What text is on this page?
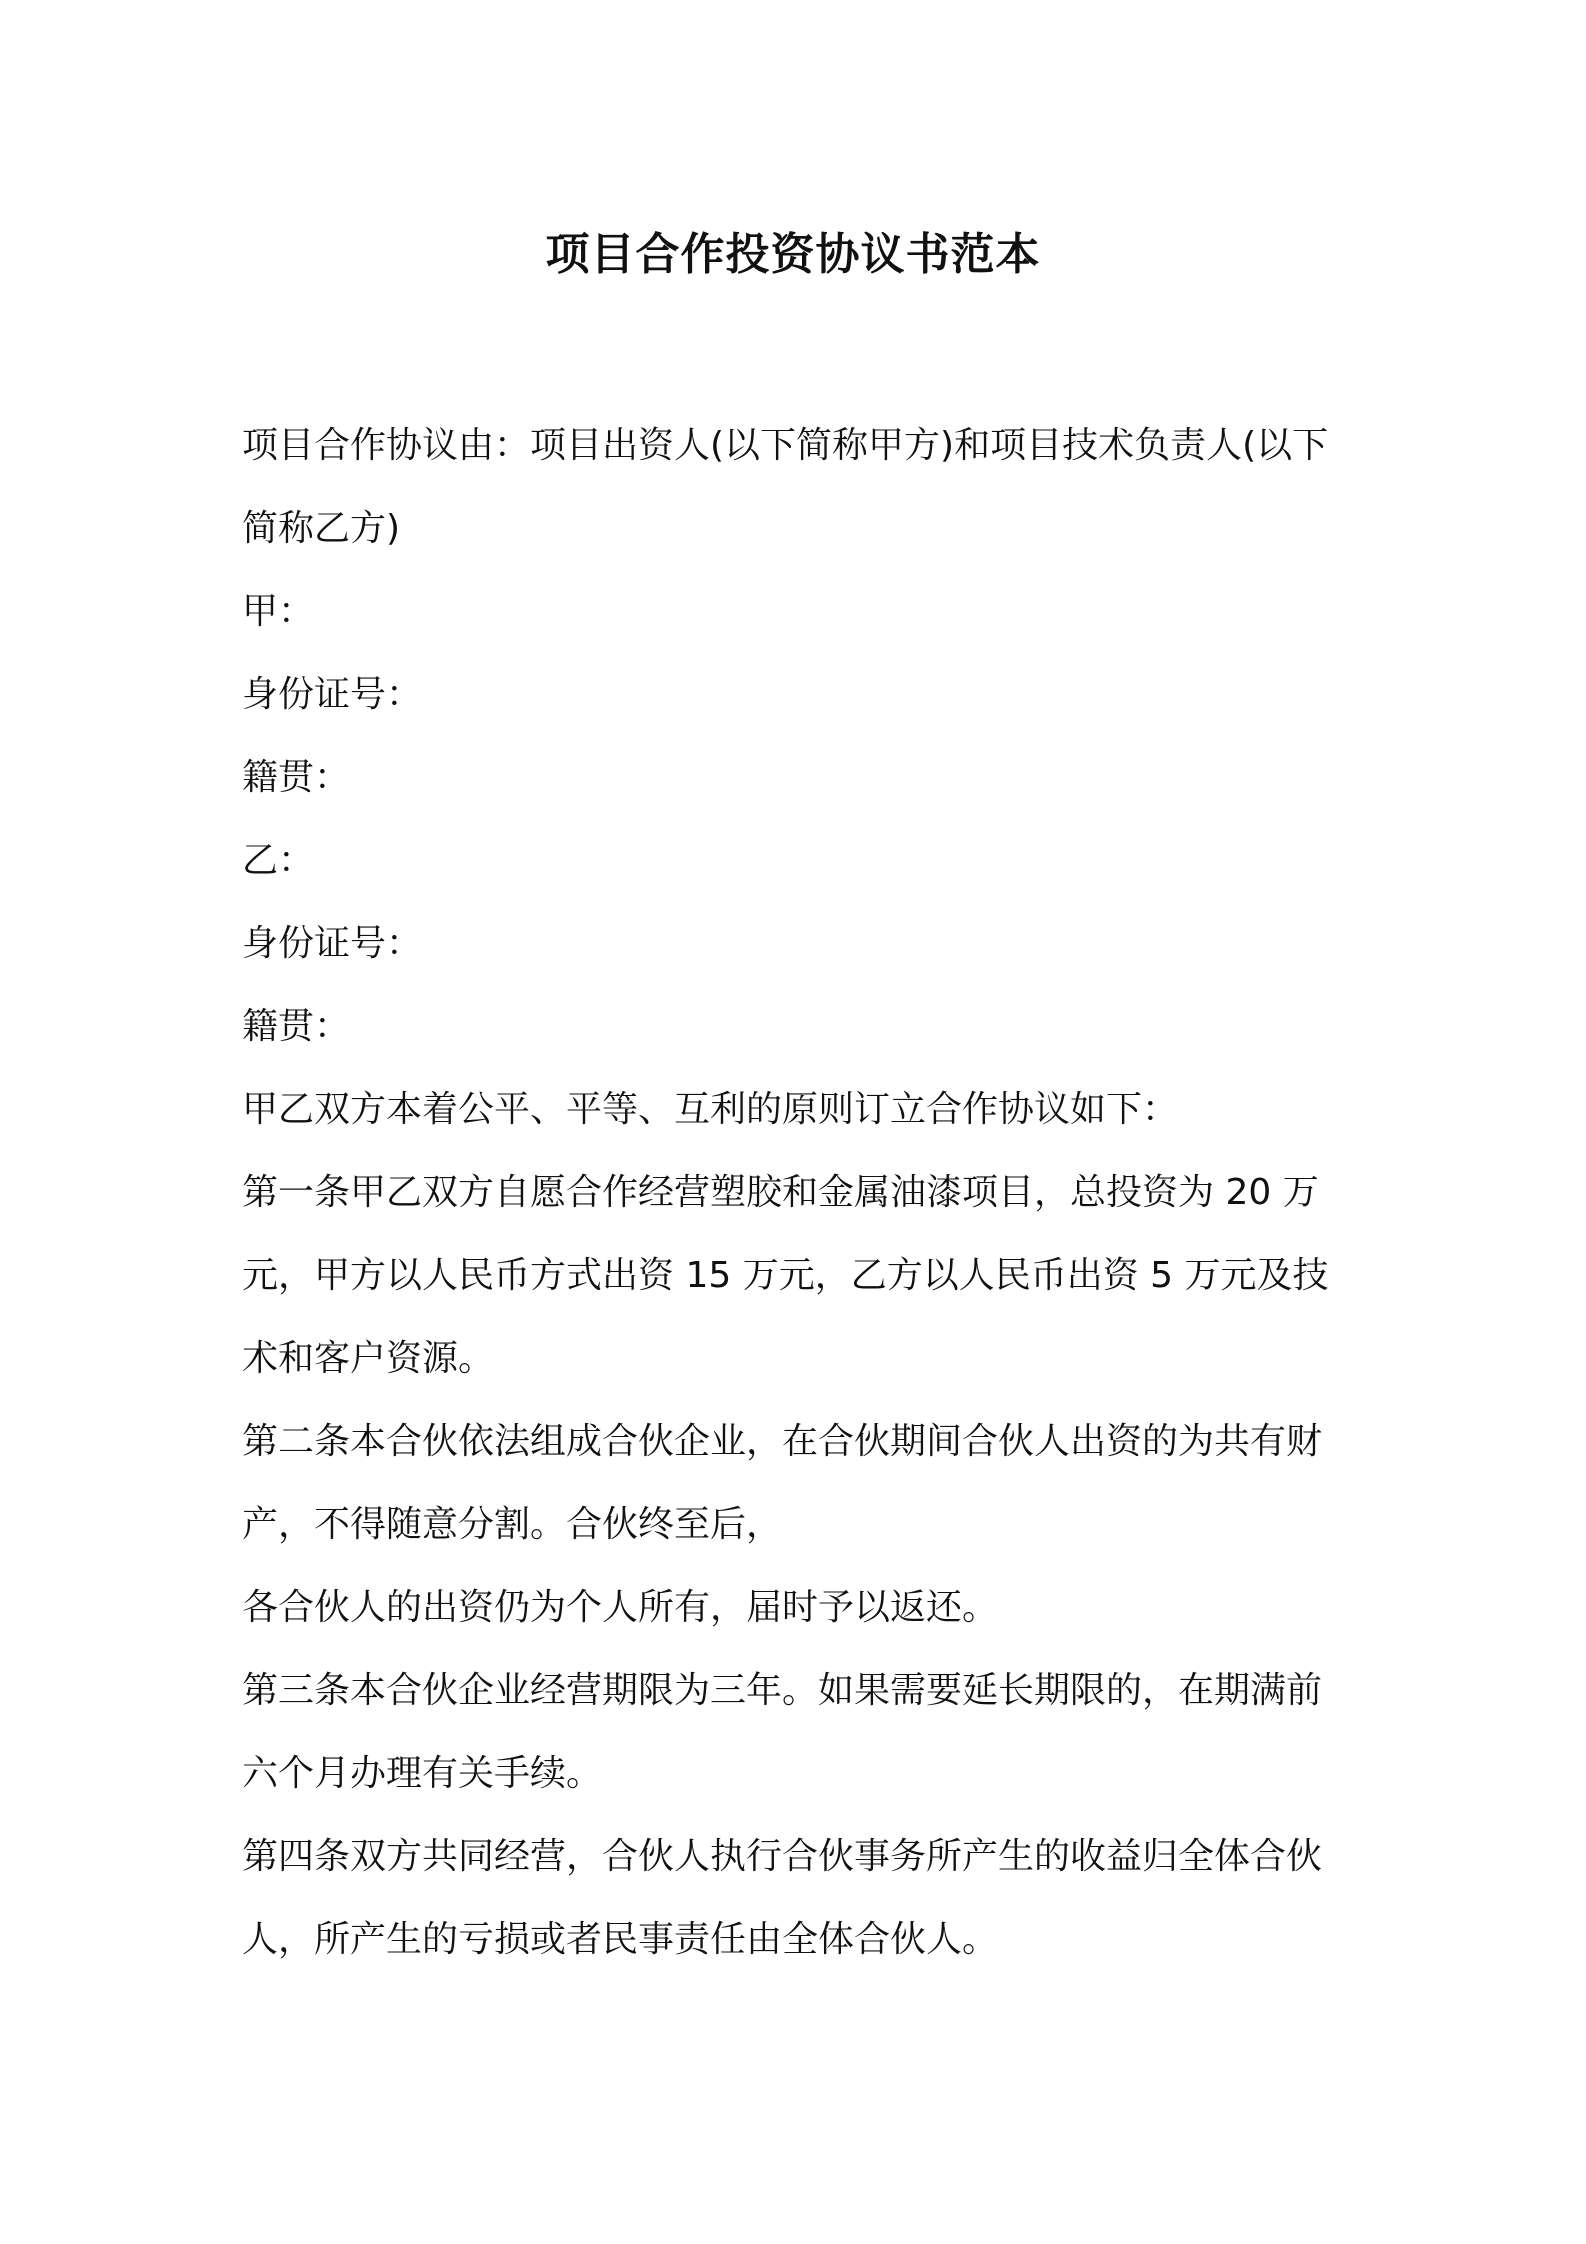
项目合作投资协议书范本

项目合作协议由：项目出资人(以下简称甲方)和项目技术负责人(以下简称乙方)

甲：

身份证号：

籍贯：

乙：

身份证号：

籍贯：

甲乙双方本着公平、平等、互利的原则订立合作协议如下：

第一条甲乙双方自愿合作经营塑胶和金属油漆项目，总投资为 20 万元，甲方以人民币方式出资 15 万元，乙方以人民币出资 5 万元及技术和客户资源。

第二条本合伙依法组成合伙企业，在合伙期间合伙人出资的为共有财产，不得随意分割。合伙终至后，

各合伙人的出资仍为个人所有，届时予以返还。

第三条本合伙企业经营期限为三年。如果需要延长期限的，在期满前六个月办理有关手续。

第四条双方共同经营，合伙人执行合伙事务所产生的收益归全体合伙人，所产生的亏损或者民事责任由全体合伙人。
